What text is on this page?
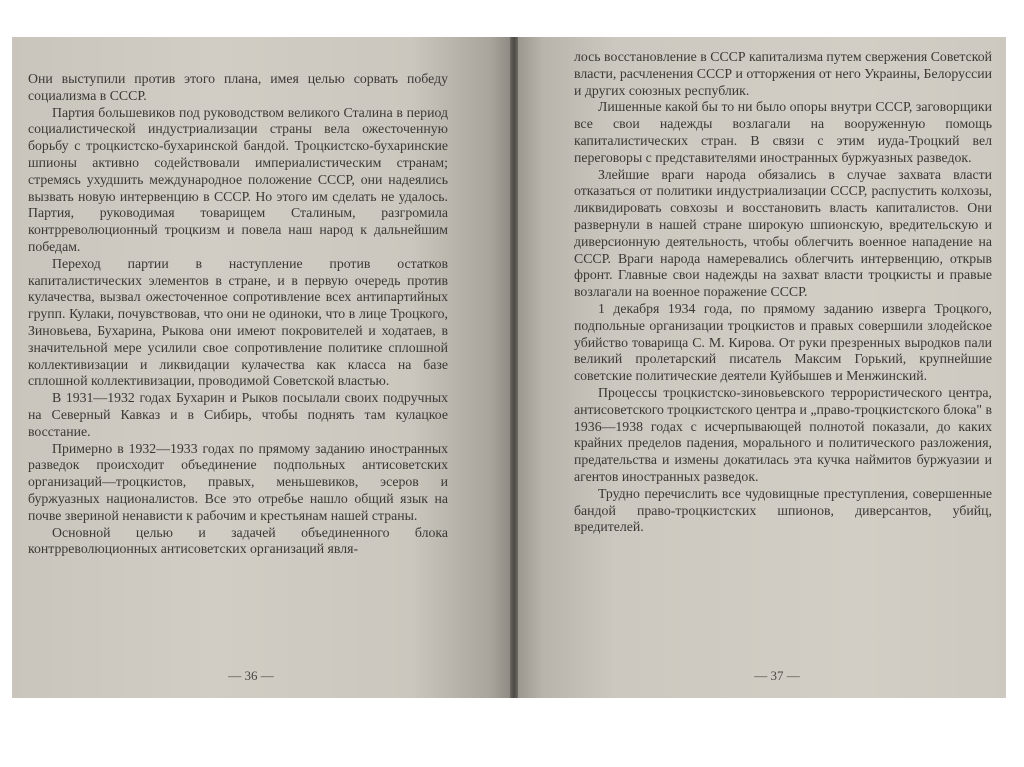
Они выступили против этого плана, имея целью сорвать победу социализма в СССР.

Партия большевиков под руководством великого Сталина в период социалистической индустриализации страны вела ожесточенную борьбу с троцкистско-бухаринской бандой. Троцкистско-бухаринские шпионы активно содействовали империалистическим странам; стремясь ухудшить международное положение СССР, они надеялись вызвать новую интервенцию в СССР. Но этого им сделать не удалось. Партия, руководимая товарищем Сталиным, разгромила контрреволюционный троцкизм и повела наш народ к дальнейшим победам.

Переход партии в наступление против остатков капиталистических элементов в стране, и в первую очередь против кулачества, вызвал ожесточенное сопротивление всех антипартийных групп. Кулаки, почувствовав, что они не одиноки, что в лице Троцкого, Зиновьева, Бухарина, Рыкова они имеют покровителей и ходатаев, в значительной мере усилили свое сопротивление политике сплошной коллективизации и ликвидации кулачества как класса на базе сплошной коллективизации, проводимой Советской властью.

В 1931—1932 годах Бухарин и Рыков посылали своих подручных на Северный Кавказ и в Сибирь, чтобы поднять там кулацкое восстание.

Примерно в 1932—1933 годах по прямому заданию иностранных разведок происходит объединение подпольных антисоветских организаций—троцкистов, правых, меньшевиков, эсеров и буржуазных националистов. Все это отребье нашло общий язык на почве звериной ненависти к рабочим и крестьянам нашей страны.

Основной целью и задачей объединенного блока контрреволюционных антисоветских организаций явля-

— 36 —

лось восстановление в СССР капитализма путем свержения Советской власти, расчленения СССР и отторжения от него Украины, Белоруссии и других союзных республик.

Лишенные какой бы то ни было опоры внутри СССР, заговорщики все свои надежды возлагали на вооруженную помощь капиталистических стран. В связи с этим иуда-Троцкий вел переговоры с представителями иностранных буржуазных разведок.

Злейшие враги народа обязались в случае захвата власти отказаться от политики индустриализации СССР, распустить колхозы, ликвидировать совхозы и восстановить власть капиталистов. Они развернули в нашей стране широкую шпионскую, вредительскую и диверсионную деятельность, чтобы облегчить военное нападение на СССР. Враги народа намеревались облегчить интервенцию, открыв фронт. Главные свои надежды на захват власти троцкисты и правые возлагали на военное поражение СССР.

1 декабря 1934 года, по прямому заданию изверга Троцкого, подпольные организации троцкистов и правых совершили злодейское убийство товарища С. М. Кирова. От руки презренных выродков пали великий пролетарский писатель Максим Горький, крупнейшие советские политические деятели Куйбышев и Менжинский.

Процессы троцкистско-зиновьевского террористического центра, антисоветского троцкистского центра и „право-троцкистского блока" в 1936—1938 годах с исчерпывающей полнотой показали, до каких крайних пределов падения, морального и политического разложения, предательства и измены докатилась эта кучка наймитов буржуазии и агентов иностранных разведок.

Трудно перечислить все чудовищные преступления, совершенные бандой право-троцкистских шпионов, диверсантов, убийц, вредителей.

— 37 —
